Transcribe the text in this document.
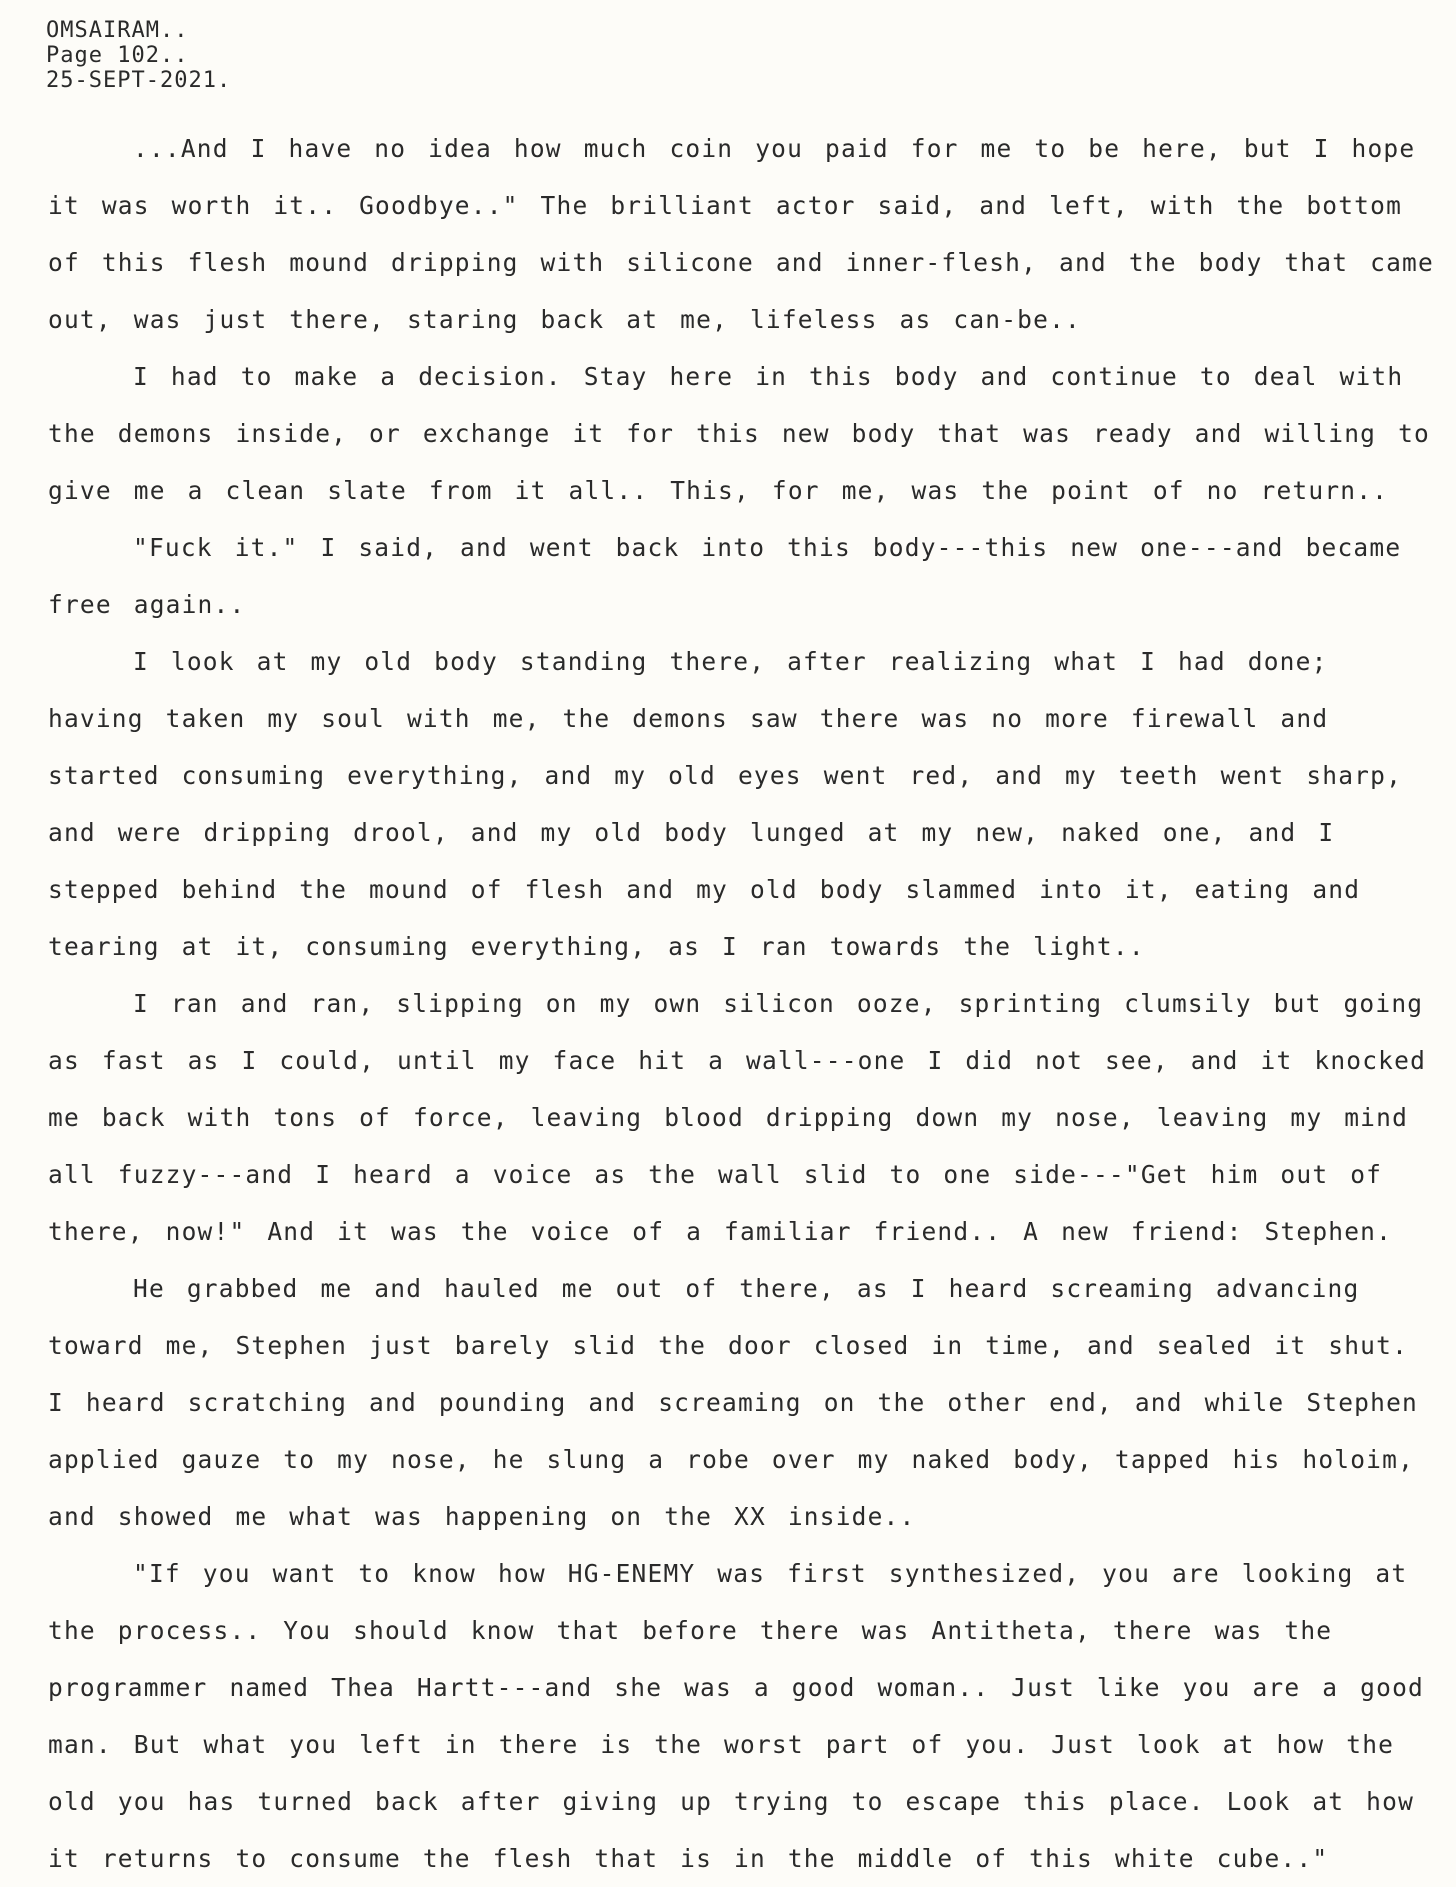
OMSAIRAM..
Page 102..
25-SEPT-2021.

...And I have no idea how much coin you paid for me to be here, but I hope it was worth it.. Goodbye.." The brilliant actor said, and left, with the bottom of this flesh mound dripping with silicone and inner-flesh, and the body that came out, was just there, staring back at me, lifeless as can-be..

I had to make a decision. Stay here in this body and continue to deal with the demons inside, or exchange it for this new body that was ready and willing to give me a clean slate from it all.. This, for me, was the point of no return..

"Fuck it." I said, and went back into this body---this new one---and became free again..

I look at my old body standing there, after realizing what I had done; having taken my soul with me, the demons saw there was no more firewall and started consuming everything, and my old eyes went red, and my teeth went sharp, and were dripping drool, and my old body lunged at my new, naked one, and I stepped behind the mound of flesh and my old body slammed into it, eating and tearing at it, consuming everything, as I ran towards the light..

I ran and ran, slipping on my own silicon ooze, sprinting clumsily but going as fast as I could, until my face hit a wall---one I did not see, and it knocked me back with tons of force, leaving blood dripping down my nose, leaving my mind all fuzzy---and I heard a voice as the wall slid to one side---"Get him out of there, now!" And it was the voice of a familiar friend.. A new friend: Stephen.

He grabbed me and hauled me out of there, as I heard screaming advancing toward me, Stephen just barely slid the door closed in time, and sealed it shut. I heard scratching and pounding and screaming on the other end, and while Stephen applied gauze to my nose, he slung a robe over my naked body, tapped his holoim, and showed me what was happening on the XX inside..

"If you want to know how HG-ENEMY was first synthesized, you are looking at the process.. You should know that before there was Antitheta, there was the programmer named Thea Hartt---and she was a good woman.. Just like you are a good man. But what you left in there is the worst part of you. Just look at how the old you has turned back after giving up trying to escape this place. Look at how it returns to consume the flesh that is in the middle of this white cube.."
